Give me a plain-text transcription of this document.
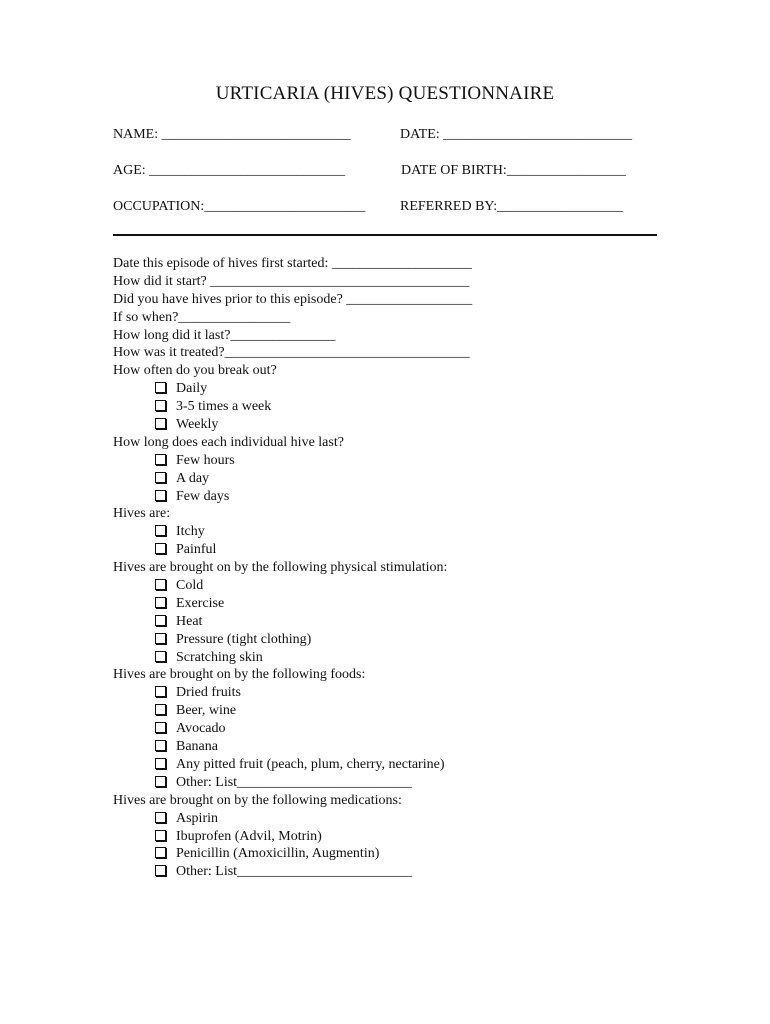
URTICARIA (HIVES) QUESTIONNAIRE
NAME: ___________________________	DATE: ___________________________
AGE: ____________________________	DATE OF BIRTH:_________________
OCCUPATION:_______________________ REFERRED BY:__________________
Date this episode of hives first started: ____________________
How did it start? _____________________________________
Did you have hives prior to this episode? __________________
If so when?________________
How long did it last?_______________
How was it treated?___________________________________
How often do you break out?
Daily
3-5 times a week
Weekly
How long does each individual hive last?
Few hours
A day
Few days
Hives are:
Itchy
Painful
Hives are brought on by the following physical stimulation:
Cold
Exercise
Heat
Pressure (tight clothing)
Scratching skin
Hives are brought on by the following foods:
Dried fruits
Beer, wine
Avocado
Banana
Any pitted fruit (peach, plum, cherry, nectarine)
Other: List_________________________
Hives are brought on by the following medications:
Aspirin
Ibuprofen (Advil, Motrin)
Penicillin (Amoxicillin, Augmentin)
Other: List_________________________
